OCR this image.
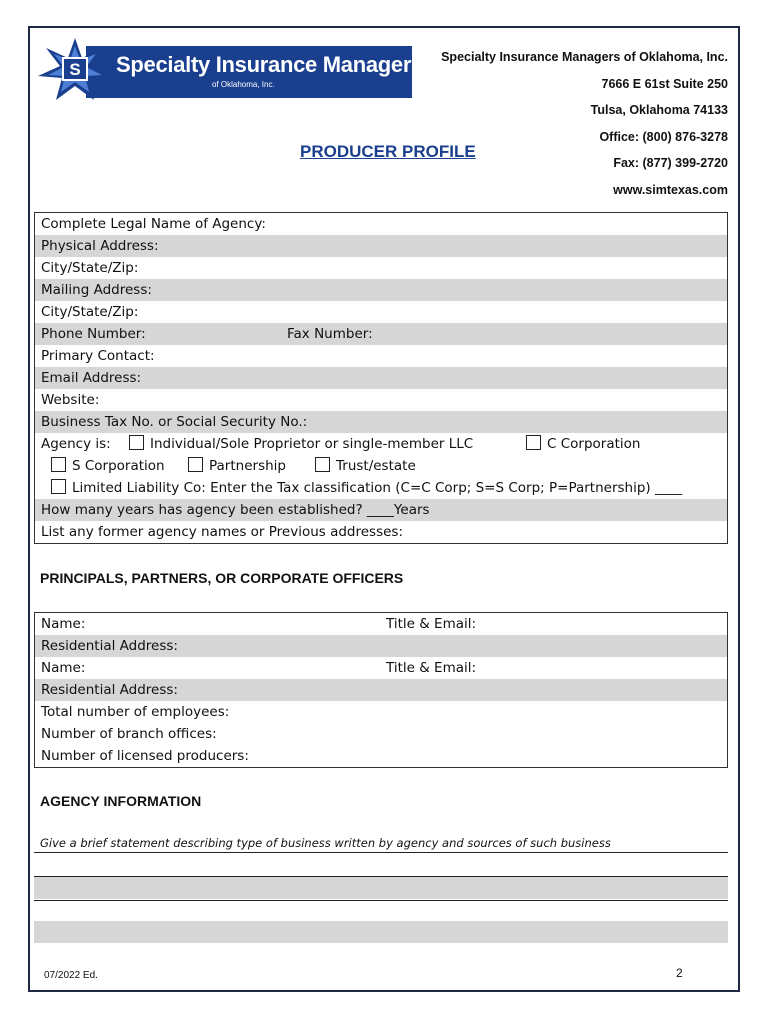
S Specialty Insurance Managers
of Oklahoma, Inc.
Specialty Insurance Managers of Oklahoma, Inc.
7666 E 61st Suite 250
Tulsa, Oklahoma 74133
Office: (800) 876-3278
Fax: (877) 399-2720
www.simtexas.com
PRODUCER PROFILE
Complete Legal Name of Agency:
Physical Address:
City/State/Zip:
Mailing Address:
City/State/Zip:
Phone Number:	Fax Number:
Primary Contact:
Email Address:
Website:
Business Tax No. or Social Security No.:
Agency is:	Individual/Sole Proprietor or single-member LLC	C Corporation
S Corporation	Partnership	Trust/estate
Limited Liability Co: Enter the Tax classification (C=C Corp; S=S Corp; P=Partnership) ____
How many years has agency been established? ____Years
List any former agency names or Previous addresses:
PRINCIPALS, PARTNERS, OR CORPORATE OFFICERS
Name:	Title & Email:
Residential Address:
Name:	Title & Email:
Residential Address:
Total number of employees:
Number of branch offices:
Number of licensed producers:
AGENCY INFORMATION
Give a brief statement describing type of business written by agency and sources of such business
07/2022 Ed.	2
